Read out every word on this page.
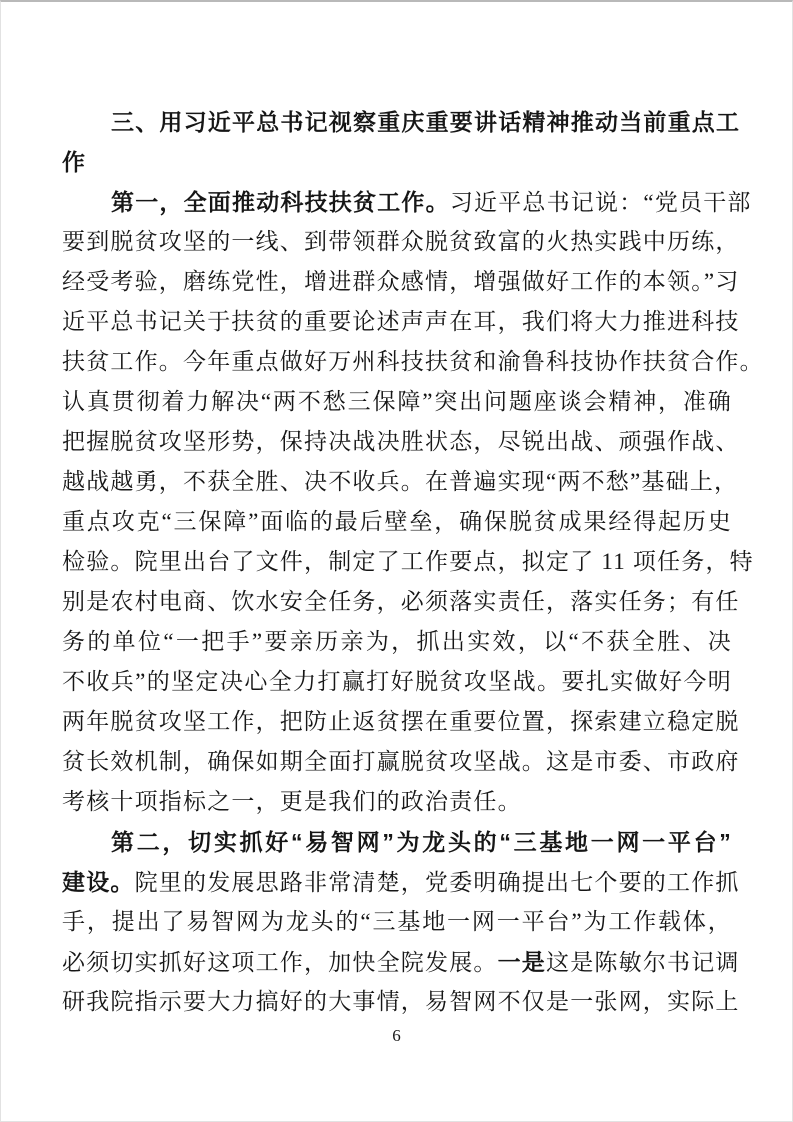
三、用习近平总书记视察重庆重要讲话精神推动当前重点工
作
第一，全面推动科技扶贫工作。习近平总书记说：“党员干部
要到脱贫攻坚的一线、到带领群众脱贫致富的火热实践中历练，
经受考验，磨练党性，增进群众感情，增强做好工作的本领。”习
近平总书记关于扶贫的重要论述声声在耳，我们将大力推进科技
扶贫工作。今年重点做好万州科技扶贫和渝鲁科技协作扶贫合作。
认真贯彻着力解决“两不愁三保障”突出问题座谈会精神，准确
把握脱贫攻坚形势，保持决战决胜状态，尽锐出战、顽强作战、
越战越勇，不获全胜、决不收兵。在普遍实现“两不愁”基础上，
重点攻克“三保障”面临的最后壁垒，确保脱贫成果经得起历史
检验。院里出台了文件，制定了工作要点，拟定了 11 项任务，特
别是农村电商、饮水安全任务，必须落实责任，落实任务；有任
务的单位“一把手”要亲历亲为，抓出实效，以“不获全胜、决
不收兵”的坚定决心全力打赢打好脱贫攻坚战。要扎实做好今明
两年脱贫攻坚工作，把防止返贫摆在重要位置，探索建立稳定脱
贫长效机制，确保如期全面打赢脱贫攻坚战。这是市委、市政府
考核十项指标之一，更是我们的政治责任。
第二，切实抓好“易智网”为龙头的“三基地一网一平台”
建设。院里的发展思路非常清楚，党委明确提出七个要的工作抓
手，提出了易智网为龙头的“三基地一网一平台”为工作载体，
必须切实抓好这项工作，加快全院发展。一是这是陈敏尔书记调
研我院指示要大力搞好的大事情，易智网不仅是一张网，实际上
6
